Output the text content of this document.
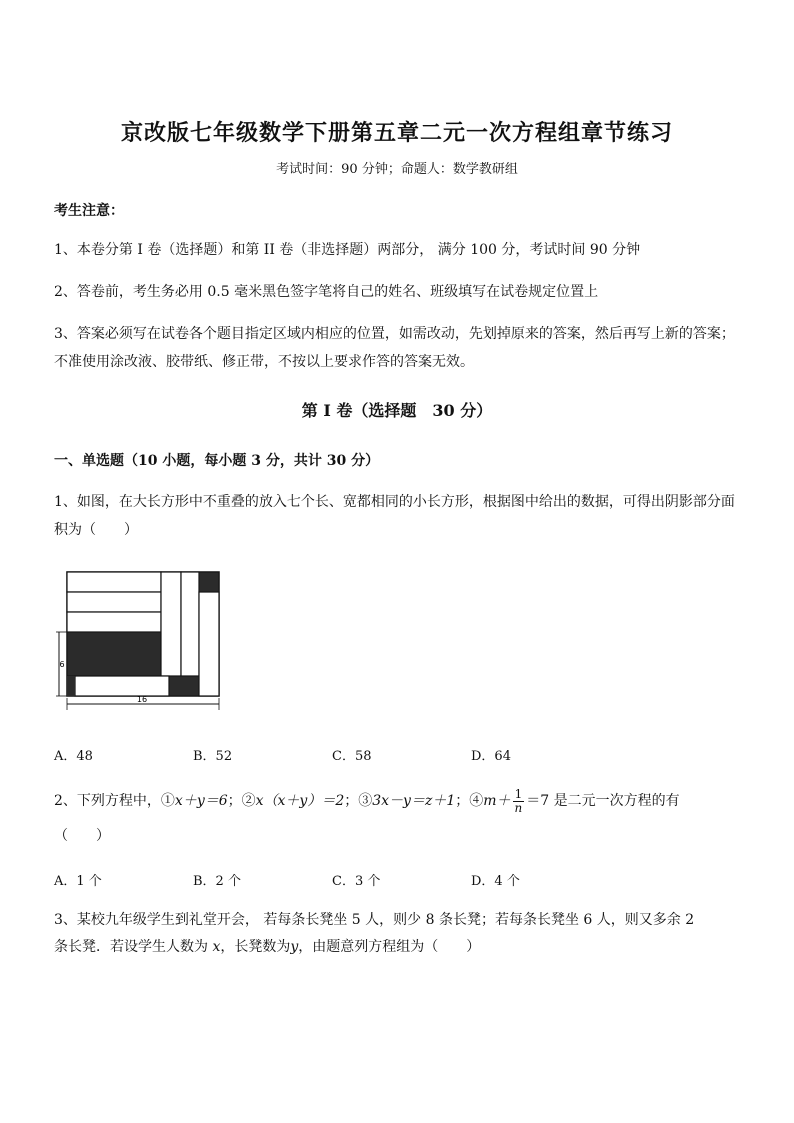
京改版七年级数学下册第五章二元一次方程组章节练习
考试时间：90 分钟；命题人：数学教研组
考生注意：
1、本卷分第 I 卷（选择题）和第 II 卷（非选择题）两部分， 满分 100 分，考试时间 90 分钟
2、答卷前，考生务必用 0.5 毫米黑色签字笔将自己的姓名、班级填写在试卷规定位置上
3、答案必须写在试卷各个题目指定区域内相应的位置，如需改动，先划掉原来的答案，然后再写上新的答案；不准使用涂改液、胶带纸、修正带，不按以上要求作答的答案无效。
第 I 卷（选择题　30 分）
一、单选题（10 小题，每小题 3 分，共计 30 分）
1、如图，在大长方形中不重叠的放入七个长、宽都相同的小长方形，根据图中给出的数据，可得出阴影部分面积为（　　）
6
16
A．48	B．52	C．58	D．64
2、下列方程中，①x＋y＝6；②x（x＋y）＝2；③3x－y＝z＋1；④m＋ $\frac{1}{n} =7$ 是二元一次方程的有
（　　）
A．1 个	B．2 个	C．3 个	D．4 个
3、某校九年级学生到礼堂开会， 若每条长凳坐 5 人，则少 8 条长凳；若每条长凳坐 6 人，则又多余 2
条长凳．若设学生人数为 x，长凳数为y，由题意列方程组为（　　）
